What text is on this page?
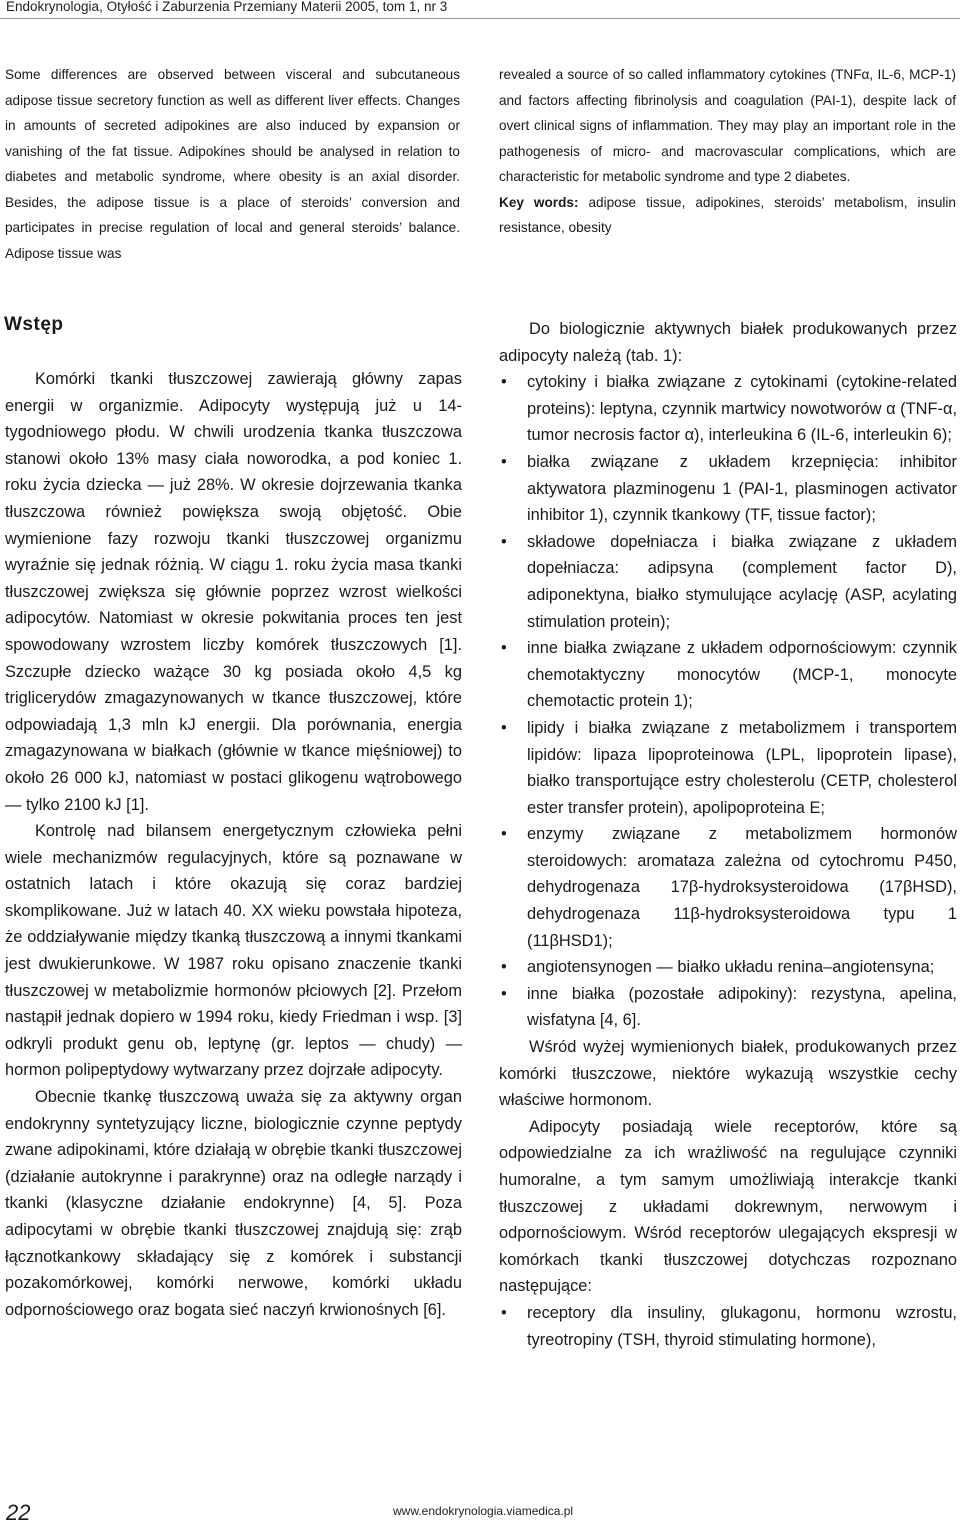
Endokrynologia, Otyłość i Zaburzenia Przemiany Materii 2005, tom 1, nr 3

Some differences are observed between visceral and subcutaneous adipose tissue secretory function as well as different liver effects. Changes in amounts of secreted adipokines are also induced by expansion or vanishing of the fat tissue. Adipokines should be analysed in relation to diabetes and metabolic syndrome, where obesity is an axial disorder. Besides, the adipose tissue is a place of steroids’ conversion and participates in precise regulation of local and general steroids’ balance. Adipose tissue was

revealed a source of so called inflammatory cytokines (TNFα, IL-6, MCP-1) and factors affecting fibrinolysis and coagulation (PAI-1), despite lack of overt clinical signs of inflammation. They may play an important role in the pathogenesis of micro- and macrovascular complications, which are characteristic for metabolic syndrome and type 2 diabetes.

Key words: adipose tissue, adipokines, steroids’ metabolism, insulin resistance, obesity

Wstęp

Komórki tkanki tłuszczowej zawierają główny zapas energii w organizmie. Adipocyty występują już u 14-tygodniowego płodu. W chwili urodzenia tkanka tłuszczowa stanowi około 13% masy ciała noworodka, a pod koniec 1. roku życia dziecka — już 28%. W okresie dojrzewania tkanka tłuszczowa również powiększa swoją objętość. Obie wymienione fazy rozwoju tkanki tłuszczowej organizmu wyraźnie się jednak różnią. W ciągu 1. roku życia masa tkanki tłuszczowej zwiększa się głównie poprzez wzrost wielkości adipocytów. Natomiast w okresie pokwitania proces ten jest spowodowany wzrostem liczby komórek tłuszczowych [1]. Szczupłe dziecko ważące 30 kg posiada około 4,5 kg triglicerydów zmagazynowanych w tkance tłuszczowej, które odpowiadają 1,3 mln kJ energii. Dla porównania, energia zmagazynowana w białkach (głównie w tkance mięśniowej) to około 26 000 kJ, natomiast w postaci glikogenu wątrobowego — tylko 2100 kJ [1].

Kontrolę nad bilansem energetycznym człowieka pełni wiele mechanizmów regulacyjnych, które są poznawane w ostatnich latach i które okazują się coraz bardziej skomplikowane. Już w latach 40. XX wieku powstała hipoteza, że oddziaływanie między tkanką tłuszczową a innymi tkankami jest dwukierunkowe. W 1987 roku opisano znaczenie tkanki tłuszczowej w metabolizmie hormonów płciowych [2]. Przełom nastąpił jednak dopiero w 1994 roku, kiedy Friedman i wsp. [3] odkryli produkt genu ob, leptynę (gr. leptos — chudy) — hormon polipeptydowy wytwarzany przez dojrzałe adipocyty.

Obecnie tkankę tłuszczową uważa się za aktywny organ endokrynny syntetyzujący liczne, biologicznie czynne peptydy zwane adipokinami, które działają w obrębie tkanki tłuszczowej (działanie autokrynne i parakrynne) oraz na odległe narządy i tkanki (klasyczne działanie endokrynne) [4, 5]. Poza adipocytami w obrębie tkanki tłuszczowej znajdują się: zrąb łącznotkankowy składający się z komórek i substancji pozakomórkowej, komórki nerwowe, komórki układu odpornościowego oraz bogata sieć naczyń krwionośnych [6].

Do biologicznie aktywnych białek produkowanych przez adipocyty należą (tab. 1):

• cytokiny i białka związane z cytokinami (cytokine-related proteins): leptyna, czynnik martwicy nowotworów α (TNF-α, tumor necrosis factor α), interleukina 6 (IL-6, interleukin 6);
• białka związane z układem krzepnięcia: inhibitor aktywatora plazminogenu 1 (PAI-1, plasminogen activator inhibitor 1), czynnik tkankowy (TF, tissue factor);
• składowe dopełniacza i białka związane z układem dopełniacza: adipsyna (complement factor D), adiponektyna, białko stymulujące acylację (ASP, acylating stimulation protein);
• inne białka związane z układem odpornościowym: czynnik chemotaktyczny monocytów (MCP-1, monocyte chemotactic protein 1);
• lipidy i białka związane z metabolizmem i transportem lipidów: lipaza lipoproteinowa (LPL, lipoprotein lipase), białko transportujące estry cholesterolu (CETP, cholesterol ester transfer protein), apolipoproteina E;
• enzymy związane z metabolizmem hormonów steroidowych: aromataza zależna od cytochromu P450, dehydrogenaza 17β-hydroksysteroidowa (17βHSD), dehydrogenaza 11β-hydroksysteroidowa typu 1 (11βHSD1);
• angiotensynogen — białko układu renina–angiotensyna;
• inne białka (pozostałe adipokiny): rezystyna, apelina, wisfatyna [4, 6].

Wśród wyżej wymienionych białek, produkowanych przez komórki tłuszczowe, niektóre wykazują wszystkie cechy właściwe hormonom.

Adipocyty posiadają wiele receptorów, które są odpowiedzialne za ich wrażliwość na regulujące czynniki humoralne, a tym samym umożliwiają interakcje tkanki tłuszczowej z układami dokrewnym, nerwowym i odpornościowym. Wśród receptorów ulegających ekspresji w komórkach tkanki tłuszczowej dotychczas rozpoznano następujące:

• receptory dla insuliny, glukagonu, hormonu wzrostu, tyreotropiny (TSH, thyroid stimulating hormone),
22	www.endokrynologia.viamedica.pl
